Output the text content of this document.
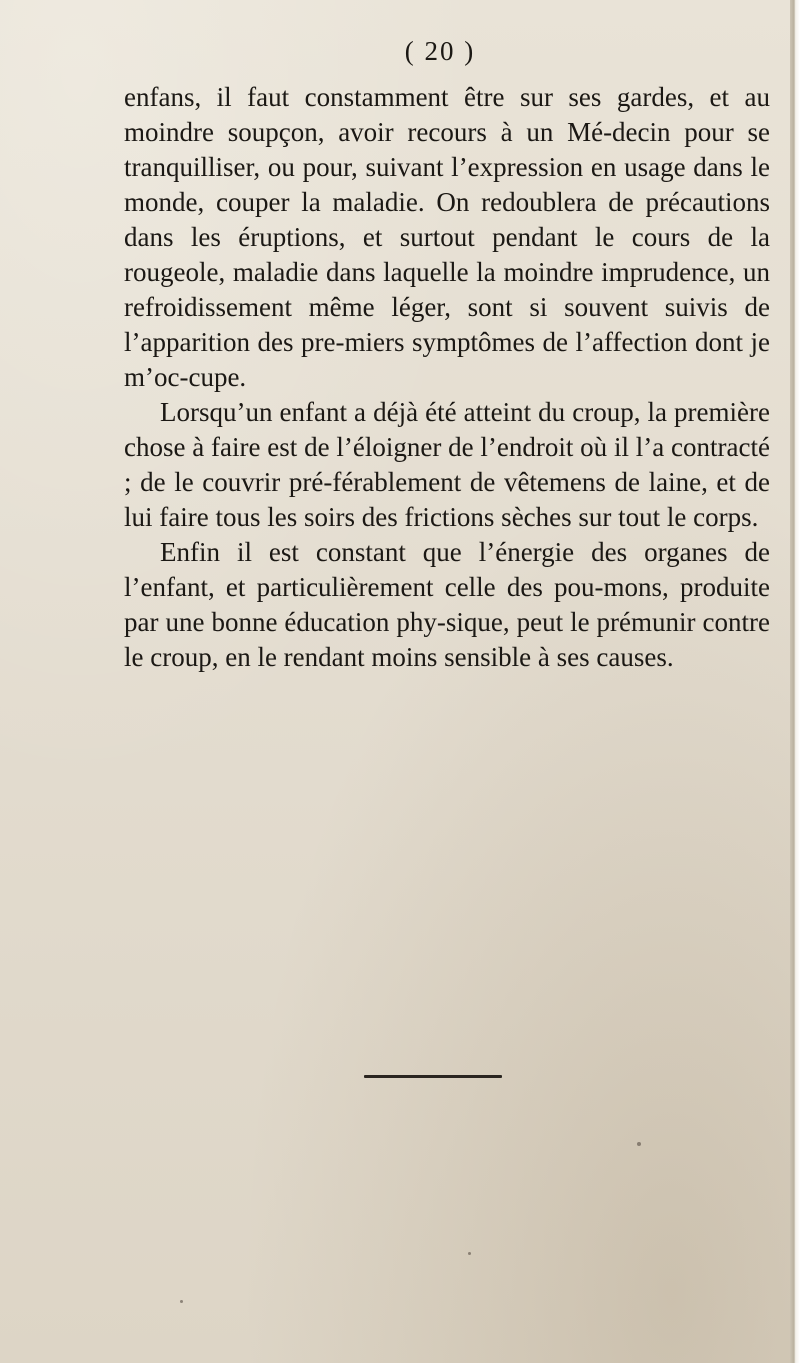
( 20 )

enfans, il faut constamment être sur ses gardes, et au moindre soupçon, avoir recours à un Mé-decin pour se tranquilliser, ou pour, suivant l’expression en usage dans le monde, couper la maladie. On redoublera de précautions dans les éruptions, et surtout pendant le cours de la rougeole, maladie dans laquelle la moindre imprudence, un refroidissement même léger, sont si souvent suivis de l’apparition des pre-miers symptômes de l’affection dont je m’oc-cupe.

Lorsqu’un enfant a déjà été atteint du croup, la première chose à faire est de l’éloigner de l’endroit où il l’a contracté ; de le couvrir pré-férablement de vêtemens de laine, et de lui faire tous les soirs des frictions sèches sur tout le corps.

Enfin il est constant que l’énergie des organes de l’enfant, et particulièrement celle des pou-mons, produite par une bonne éducation phy-sique, peut le prémunir contre le croup, en le rendant moins sensible à ses causes.
